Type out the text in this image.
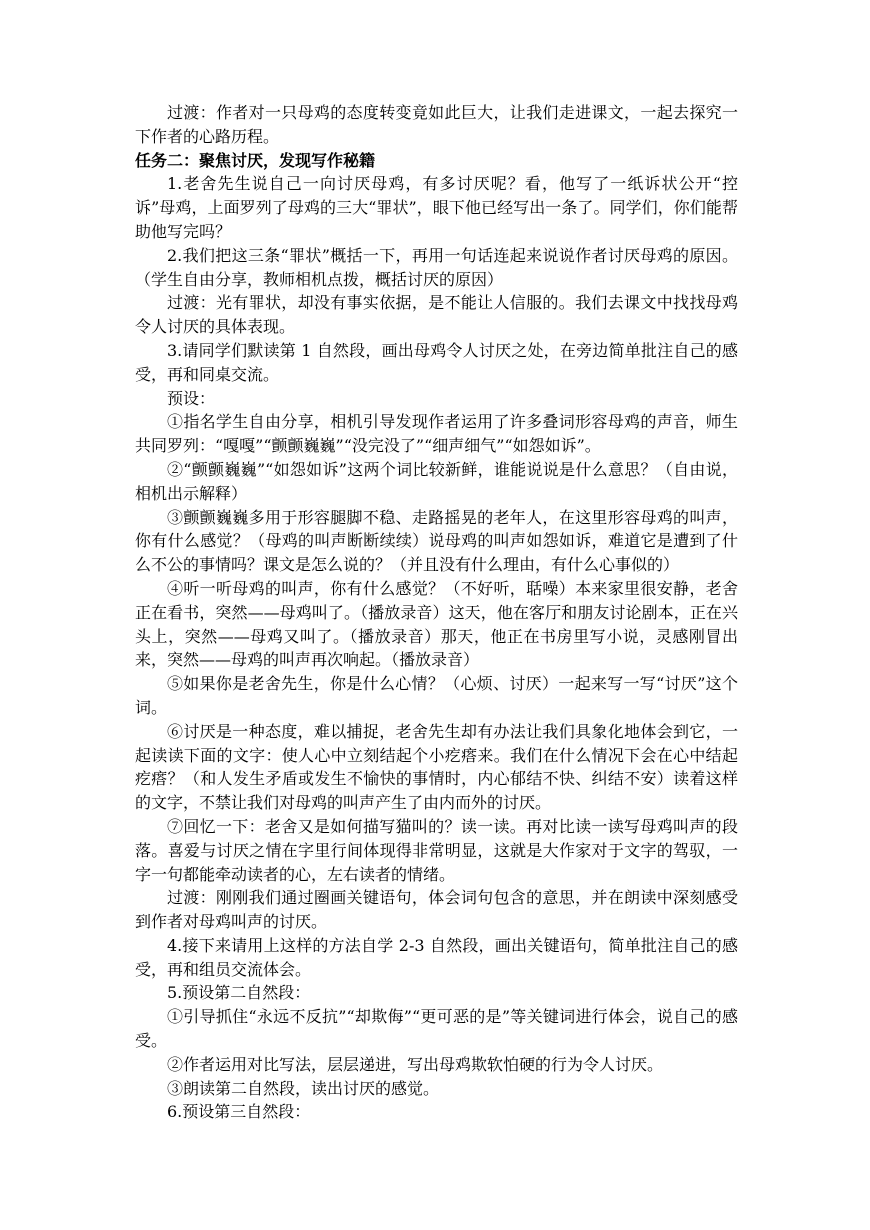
过渡：作者对一只母鸡的态度转变竟如此巨大，让我们走进课文，一起去探究一下作者的心路历程。

任务二：聚焦讨厌，发现写作秘籍

1.老舍先生说自己一向讨厌母鸡，有多讨厌呢？看，他写了一纸诉状公开“控诉”母鸡，上面罗列了母鸡的三大“罪状”，眼下他已经写出一条了。同学们，你们能帮助他写完吗？

2.我们把这三条“罪状”概括一下，再用一句话连起来说说作者讨厌母鸡的原因。（学生自由分享，教师相机点拨，概括讨厌的原因）

过渡：光有罪状，却没有事实依据，是不能让人信服的。我们去课文中找找母鸡令人讨厌的具体表现。

3.请同学们默读第 1 自然段，画出母鸡令人讨厌之处，在旁边简单批注自己的感受，再和同桌交流。

预设：

①指名学生自由分享，相机引导发现作者运用了许多叠词形容母鸡的声音，师生共同罗列：“嘎嘎”“颤颤巍巍”“没完没了”“细声细气”“如怨如诉”。

②“颤颤巍巍”“如怨如诉”这两个词比较新鲜，谁能说说是什么意思？（自由说，相机出示解释）

③颤颤巍巍多用于形容腿脚不稳、走路摇晃的老年人，在这里形容母鸡的叫声，你有什么感觉？（母鸡的叫声断断续续）说母鸡的叫声如怨如诉，难道它是遭到了什么不公的事情吗？课文是怎么说的？（并且没有什么理由，有什么心事似的）

④听一听母鸡的叫声，你有什么感觉？（不好听，聒噪）本来家里很安静，老舍正在看书，突然——母鸡叫了。（播放录音）这天，他在客厅和朋友讨论剧本，正在兴头上，突然——母鸡又叫了。（播放录音）那天，他正在书房里写小说，灵感刚冒出来，突然——母鸡的叫声再次响起。（播放录音）

⑤如果你是老舍先生，你是什么心情？（心烦、讨厌）一起来写一写“讨厌”这个词。

⑥讨厌是一种态度，难以捕捉，老舍先生却有办法让我们具象化地体会到它，一起读读下面的文字：使人心中立刻结起个小疙瘩来。我们在什么情况下会在心中结起疙瘩？（和人发生矛盾或发生不愉快的事情时，内心郁结不快、纠结不安）读着这样的文字，不禁让我们对母鸡的叫声产生了由内而外的讨厌。

⑦回忆一下：老舍又是如何描写猫叫的？读一读。再对比读一读写母鸡叫声的段落。喜爱与讨厌之情在字里行间体现得非常明显，这就是大作家对于文字的驾驭，一字一句都能牵动读者的心，左右读者的情绪。

过渡：刚刚我们通过圈画关键语句，体会词句包含的意思，并在朗读中深刻感受到作者对母鸡叫声的讨厌。

4.接下来请用上这样的方法自学 2-3 自然段，画出关键语句，简单批注自己的感受，再和组员交流体会。

5.预设第二自然段：

①引导抓住“永远不反抗”“却欺侮”“更可恶的是”等关键词进行体会，说自己的感受。

②作者运用对比写法，层层递进，写出母鸡欺软怕硬的行为令人讨厌。

③朗读第二自然段，读出讨厌的感觉。

6.预设第三自然段：
